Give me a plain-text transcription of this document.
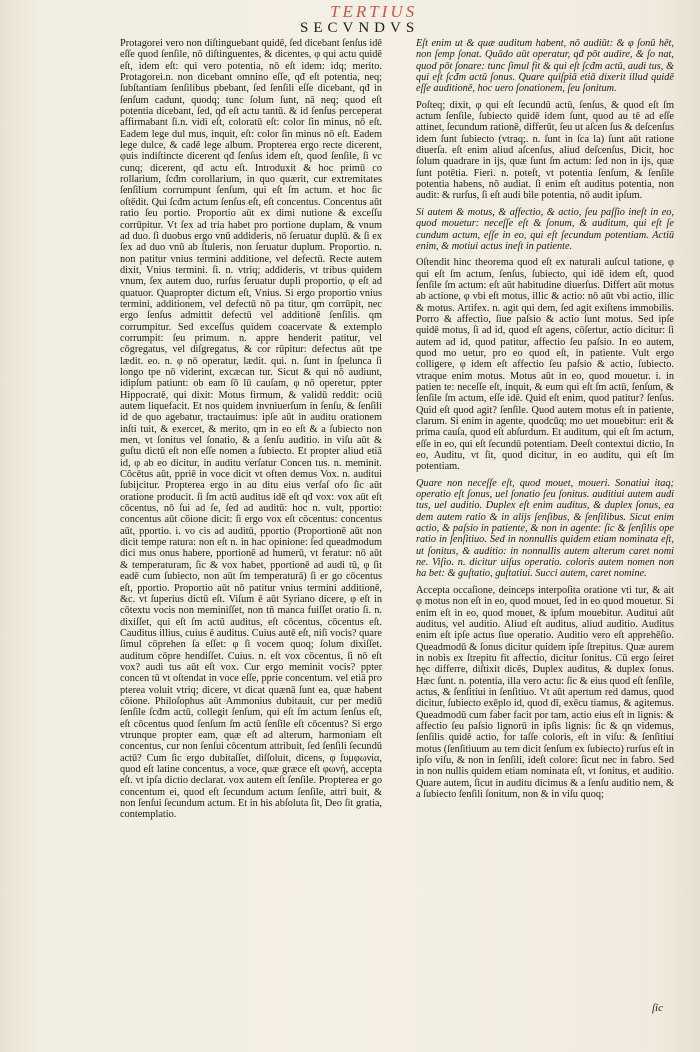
TERTIUS
SECVNDVS

Protagorei vero non diſtinguebant quidē, ſed dicebant ſenſus idē eſſe quod ſenſile, nō diſtinguentes, & dicentes, φ qui actu quidē eſt, idem eſt: qui vero potentia, nō eſt idem: idq; merito. Protagorei.n. non dicebant omnino eſſe, qđ eſt potentia, neq; ſubſtantiam ſenſilibus pbebant, ſed ſenſili eſſe dicebant, qđ in ſenſum cadunt, quodq; tunc ſolum ſunt, nā neq; quod eſt potentia dicebant, ſed, qđ eſt actu tantū. & id ſenſus perceperat affirmabant ſi.n. vidi eſt, coloratū eſt: color ſin minus, nō eſt. Eadem lege dul mus, inquit, eſt: color ſin minus nō eſt. Eadem lege dulce, & cadē lege album. Propterea ergo recte dicerent, φuis indiſtincte dicerent qđ ſenſus idem eſt, quod ſenſile, ſi vc cunq; dicerent, qđ actu eſt. Introduxit & hoc primū co rollarium, ſcđm corollarium, in quo quærit, cur extremitates ſenſilium corrumpunt ſenſum, qui eſt ſm actum. et hoc ſic oſtēdit. Qui ſcđm actum ſenſus eſt, eſt concentus. Concentus aūt ratio ſeu portio. Proportio aūt ex dimi nutione & exceſſu corrūpitur. Vt ſex ad tria habet pro portione duplam, & vnum ad duo. ſi duobus ergo vnū addideris, nō ſeruatur duplū. & ſi ex ſex ad duo vnū ab ſtuleris, non ſeruatur duplum. Proportio. n. non patitur vnius termini additione, vel defectū. Recte autem dixit, Vnius termini. ſi. n. vtriq; addideris, vt tribus quidem vnum, ſex autem duo, rurſus ſeruatur dupli proportio, φ eſt ad quatuor. Quapropter dictum eſt, Vnius. Si ergo proportio vnius termini, additionem, vel defectū nō pa titur, qm corrūpit, nec ergo ſenſus admittit defectū vel additionē ſenſilis. qm corrumpitur. Sed exceſſus quidem coacervate & extemplo corrumpit: ſeu primum. n. appre henderit patitur, vel cōgregatus, vel diſgregatus, & cor rūpitur: defectus aūt tpe lædit. eo. n. φ nō operatur, lædit. qui. n. ſunt in ſpelunca ſi longo tpe nō viderint, excæcan tur. Sicut & qui nō audiunt, idipſum patiunt: ob eam ſō lū cauſam, φ nō operetur, ppter Hippocratē, qui dixit: Motus firmum, & validū reddit: ociū autem liquefacit. Et nos quidem invniuerſum in ſenſu, & ſenſili id de quo agebatur, tractauimus: ipſe aūt in auditu orationem inſti tuit, & exercet, & merito, qm in eo eſt & a ſubiecto non men, vt ſonitus vel ſonatio, & a ſenſu auditio. in viſu aūt & guſtu dictū eſt non eſſe nomen a ſubiecto. Et propter aliud etiā id, φ ab eo dicitur, in auditu verſatur Concen tus. n. meminit. Cōcētus aūt, ppriē in voce dicit vt often demus Vox. n. auditui ſubijcitur. Propterea ergo in au ditu eius verſaſ ofo ſic aūt oratione producit. ſi ſm actū auditus idē eſt qđ vox: vox aūt eſt cōcentus, nō ſui ad ſe, ſed ad auditū: hoc n. vult, pportio: concentus aūt cōione dicit: ſi ergo vox eſt cōcentus: concentus aūt, pportio. i. vo cis ad auditū, pportio (Proportionē aūt non dicit tempe ratura: non eſt n. in hac opinione: ſed queadmodum dici mus onus habere, pportionē ad humerū, vt feratur: nō aūt & temperaturam, ſic & vox habet, pportionē ad audi tū, φ ſit eadē cum ſubiecto, non aūt ſm temperaturā) ſi er go cōcentus eſt, pportio. Proportio aūt nō patitur vnius termini additionē, &c. vt ſuperius dictū eſt. Viſum ē aūt Syriano dicere, φ eſt in cōtextu vocis non meminiſſet, non tñ manca fuiſſet oratio ſi. n. dixiſſet, qui eſt ſm actū auditus, eſt cōcentus, cōcentus eſt. Cauditus illius, cuius ē auditus. Cuius autē eſt, niſi vocis? quare ſimul cōprehen ſa eſſet: φ ſi vocem quoq; ſolum dixiſſet. auditum cōpre hendiſſet. Cuius. n. eſt vox cōcentus, ſi nō eſt vox? audi tus aūt eſt vox. Cur ergo meminit vocis? ppter concen tū vt oſtendat in voce eſſe, pprie concentum. vel etiā pro pterea voluit vtriq; dicere, vt dicat quænā ſunt ea, quæ habent cōione. Philoſophus aūt Ammonius dubitauit, cur per mediū ſenſile ſcđm actū, collegit ſenſum, qui eſt ſm actum ſenſus eſt, eſt cōcentus quod ſenſum ſm actū ſenſile eſt cōcentus? Si ergo vtrunque propter eam, quæ eſt ad alterum, harmoniam eſt concentus, cur non ſenſui cōcentum attribuit, ſed ſenſili ſecundū actū? Cum ſic ergo dubitaſſet, diſſoluit, dicens, φ ſυμφωνία, quod eſt latine concentus, a voce, quæ græce eſt φωνή, accepta eſt. vt ipſa dictio declarat. vox autem eſt ſenſile. Propterea er go concentum ei, quod eſt ſecundum actum ſenſile, attri buit, & non ſenſui ſecundum actum. Et in his abſoluta ſit, Deo ſit gratia, contemplatio.

Eſt enim ut & quæ auditum habent, nō audiūt: & φ ſonū hēt, non ſemp ſonat. Quādo aūt operatur, qđ pōt audire, & ſo nat, quod pōt ſonare: tunc ſimul fit & qui eſt ſcđm actū, audi tus, & qui eſt ſcđm actū ſonus. Quare quiſpiā etiā dixerit illud quidē eſſe auditionē, hoc uero ſonationem, ſeu ſonitum.

Poſteq; dixit, φ qui eſt ſecundū actū, ſenſus, & quod eſt ſm actum ſenſile, ſubiecto quidē idem ſunt, quod au tē ad eſſe attinet, ſecundum rationē, differūt, ſeu ut aſcen ſus & deſcenſus idem ſunt ſubiecto (vtraq;. n. ſunt in ſca la) ſunt aūt ratione diuerſa. eſt enim aliud aſcenſus, aliud deſcenſus, Dicit, hoc ſolum quadrare in ijs, quæ ſunt ſm actum: ſed non in ijs, quæ ſunt potētia. Fieri. n. poteſt, vt potentia ſenſum, & ſenſile potentia habens, nō audiat. ſi enim eſt auditus potentia, non audit: & rurſus, ſi eſt audi bile potentia, nō audit ipſum.

Si autem & motus, & affectio, & actio, ſeu paſſio ineſt in eo, quod mouetur: neceſſe eſt & ſonum, & auditum, qui eſt ſe cundum actum, eſſe in eo, qui eſt ſecundum potentiam. Actiū enim, & motiui actus ineſt in patiente.

Oſtendit hinc theorema quod eſt ex naturali auſcul tatione, φ qui eſt ſm actum, ſenſus, ſubiecto, qui idē idem eſt, quod ſenſile ſm actum: eſt aūt habitudine diuerſus. Differt aūt motus ab actione, φ vbi eſt motus, illic & actio: nō aūt vbi actio, illic & motus. Artifex. n. agit qui dem, ſed agit exiſtens immobilis. Porro & affectio, ſiue paſsio & actio ſunt motus. Sed ipſe quidē motus, ſi ad id, quod eſt agens, cōſertur, actio dicitur: ſi autem ad id, quod patitur, affectio ſeu paſsio. In eo autem, quod mo uetur, pro eo quod eſt, in patiente. Vult ergo colligere, φ idem eſt affectio ſeu paſsio & actio, ſubiecto. vtraque enim motus. Motus aūt in eo, quod mouetur. i. in patien te: neceſſe eſt, inquit, & eum qui eſt ſm actū, ſenſum, & ſenſile ſm actum, eſſe idē. Quid eſt enim, quod patitur? ſenſus. Quid eſt quod agit? ſenſile. Quod autem motus eſt in patiente, clarum. Si enim in agente, quodcūq; mo uet mouebitur: erit & prima cauſa, quod eſt abſurdum. Et auditum, qui eſt ſm actum, eſſe in eo, qui eſt ſecundū potentiam. Deeſt contextui dictio, In eo, Auditu, vt ſit, quod dicitur, in eo auditu, qui eſt ſm potentiam.

Quare non neceſſe eſt, quod mouet, moueri. Sonatiui itaq; operatio eſt ſonus, uel ſonatio ſeu ſonitus. auditiui autem audi tus, uel auditio. Duplex eſt enim auditus, & duplex ſonus, ea dem autem ratio & in alijs ſenſibus, & ſenſilibus. Sicut enim actio, & paſsio in patiente, & non in agente: ſic & ſenſilis ope ratio in ſenſitiuo. Sed in nonnullis quidem etiam nominata eſt, ut ſonitus, & auditio: in nonnullis autem alterum caret nomi ne. Viſio. n. dicitur uiſus operatio. coloris autem nomen non ha bet: & guſtatio, guſtatiui. Succi autem, caret nomine.

Accepta occaſione, deinceps interpoſita oratione vti tur, & ait φ motus non eſt in eo, quod mouet, ſed in eo quod mouetur. Si enim eſt in eo, quod mouet, & ipſum mouebitur. Auditui aūt auditus, vel auditio. Aliud eſt auditus, aliud auditio. Auditus enim eſt ipſe actus ſiue operatio. Auditio vero eſt apprehēſio. Queadmodū & ſonus dicitur quidem ipſe ſtrepitus. Quæ aurem in nobis ex ſtrepitu fit affectio, dicitur ſonitus. Cū ergo ſeiret hęc differre, diſtixit dicēs, Duplex auditus, & duplex ſonus. Hæc ſunt. n. potentia, illa vero actu: ſic & eius quod eſt ſenſile, actus, & ſenſitiui in ſenſitiuo. Vt aūt apertum red damus, quod dicitur, ſubiecto exēplo id, quod dī, exēcu tiamus, & agitemus. Queadmodū cum faber facit por tam, actio eius eſt in lignis: & affectio ſeu paſsio lignorū in ipſis lignis: ſic & qn videmus, ſenſilis quidē actio, for taſſe coloris, eſt in viſu: & ſenſitiui motus (ſenſitiuum au tem dicit ſenſum ex ſubiecto) rurſus eſt in ipſo viſu, & non in ſenſili, ideſt colore: ſicut nec in fabro. Sed in non nullis quidem etiam nominata eſt, vt ſonitus, et auditio. Quare autem, ſicut in auditu dicimus & a ſenſu auditio nem, & a ſubiecto ſenſili ſonitum, non & in viſu quoq;

ſic
